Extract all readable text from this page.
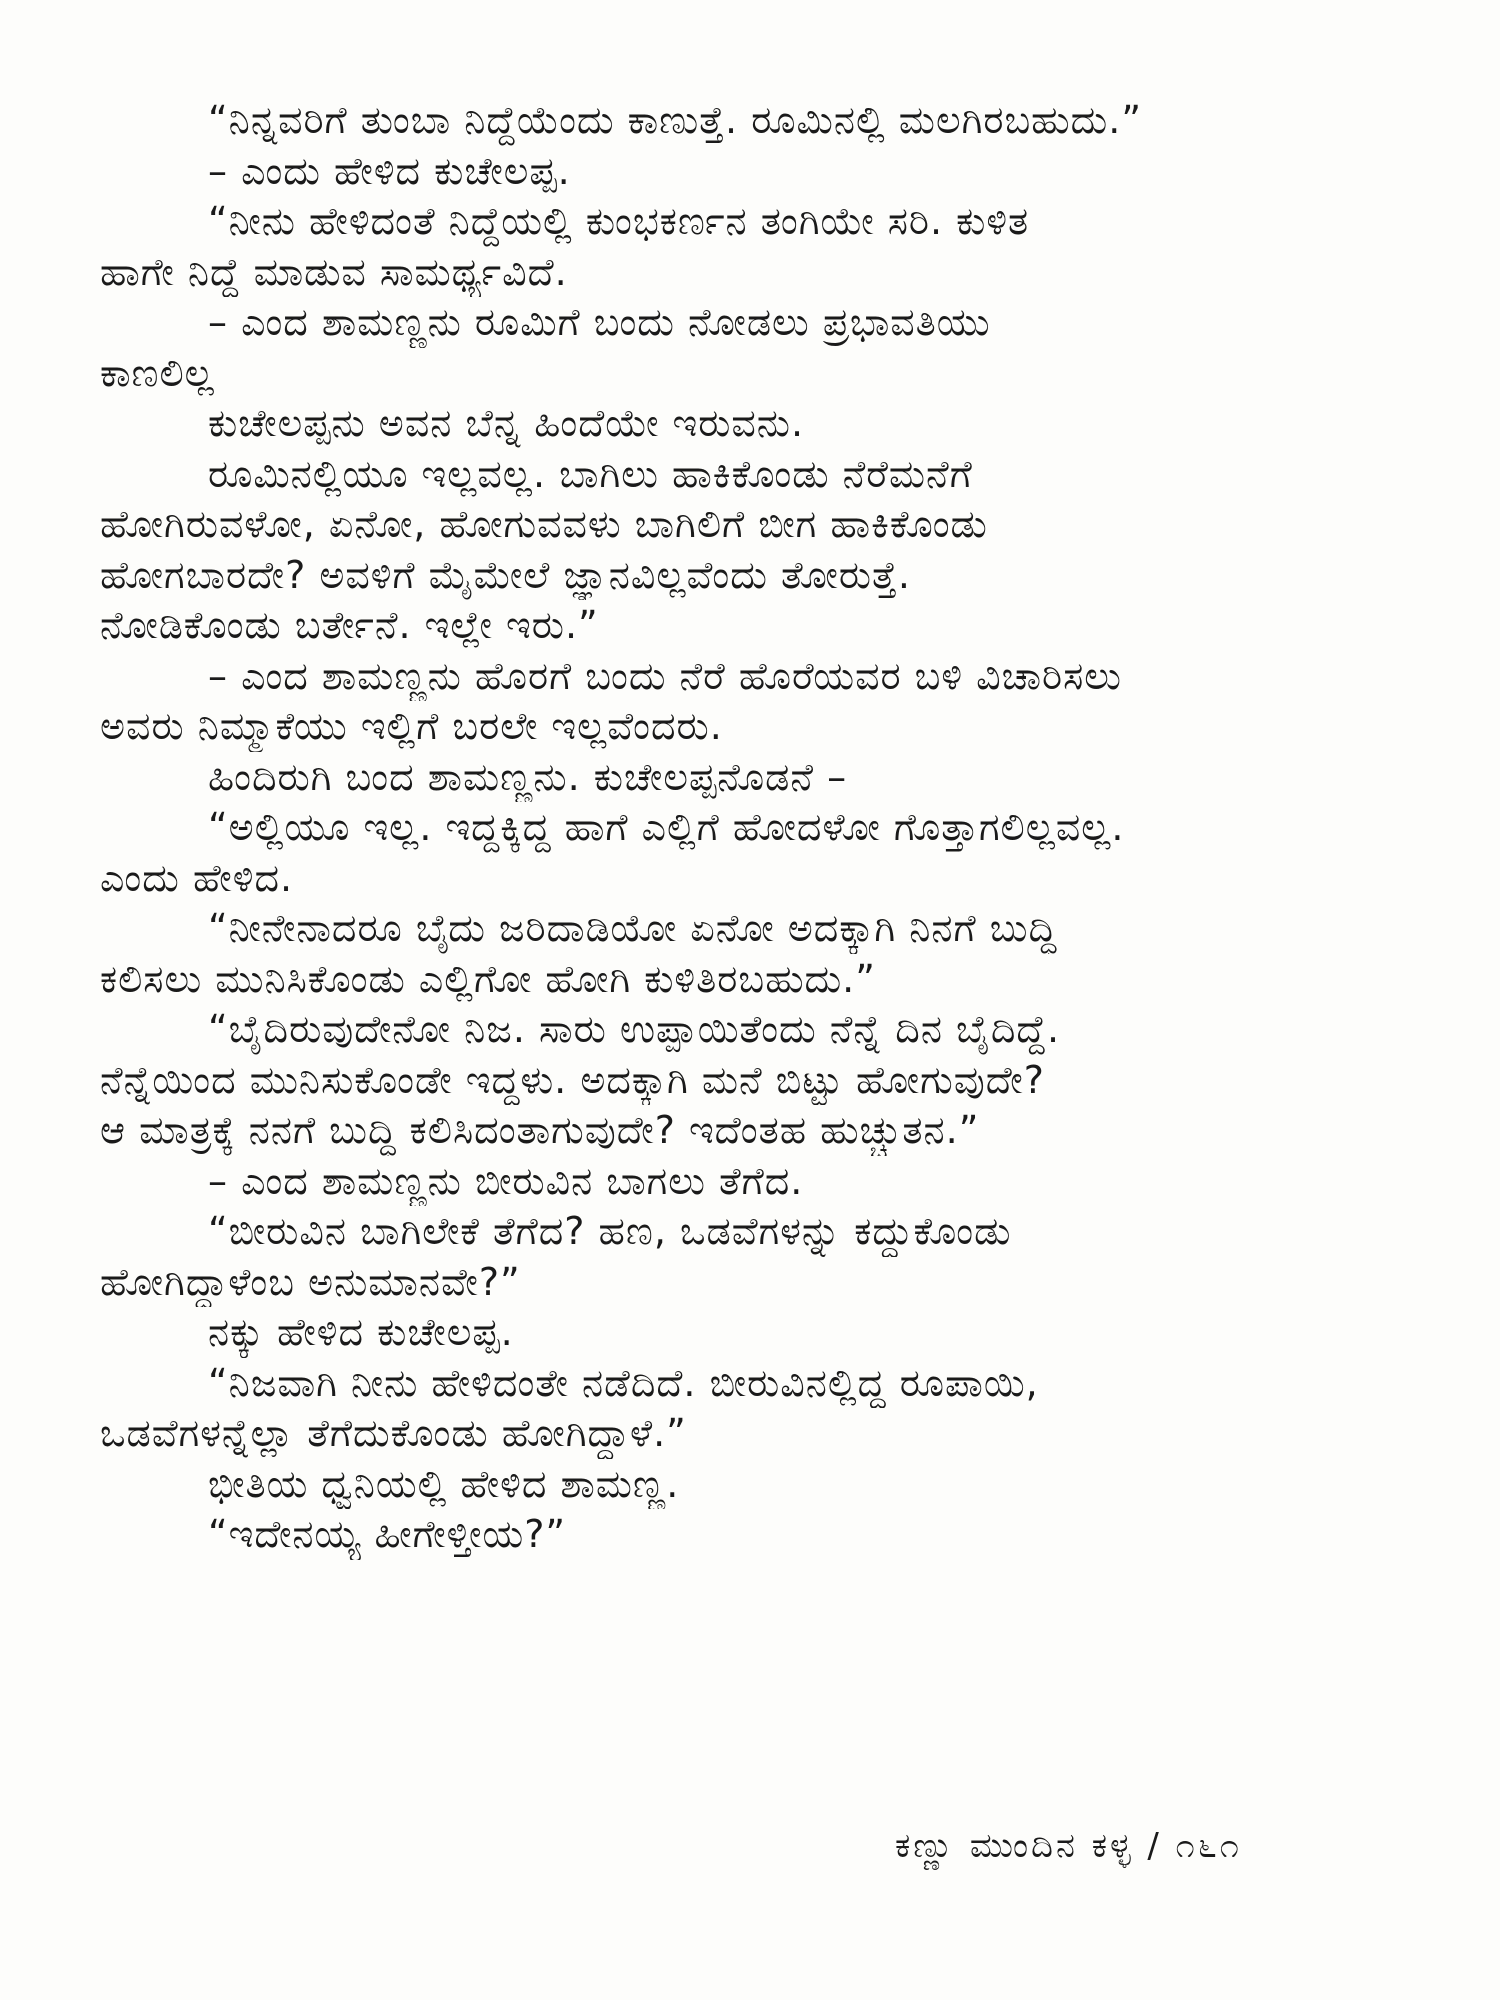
“ನಿನ್ನವರಿಗೆ ತುಂಬಾ ನಿದ್ದೆಯೆಂದು ಕಾಣುತ್ತೆ. ರೂಮಿನಲ್ಲಿ ಮಲಗಿರಬಹುದು.”
– ಎಂದು ಹೇಳಿದ ಕುಚೇಲಪ್ಪ.
“ನೀನು ಹೇಳಿದಂತೆ ನಿದ್ದೆಯಲ್ಲಿ ಕುಂಭಕರ್ಣನ ತಂಗಿಯೇ ಸರಿ. ಕುಳಿತ
ಹಾಗೇ ನಿದ್ದೆ ಮಾಡುವ ಸಾಮರ್ಥ್ಯವಿದೆ.
– ಎಂದ ಶಾಮಣ್ಣನು ರೂಮಿಗೆ ಬಂದು ನೋಡಲು ಪ್ರಭಾವತಿಯು
ಕಾಣಲಿಲ್ಲ
ಕುಚೇಲಪ್ಪನು ಅವನ ಬೆನ್ನ ಹಿಂದೆಯೇ ಇರುವನು.
ರೂಮಿನಲ್ಲಿಯೂ ಇಲ್ಲವಲ್ಲ. ಬಾಗಿಲು ಹಾಕಿಕೊಂಡು ನೆರೆಮನೆಗೆ
ಹೋಗಿರುವಳೋ, ಏನೋ, ಹೋಗುವವಳು ಬಾಗಿಲಿಗೆ ಬೀಗ ಹಾಕಿಕೊಂಡು
ಹೋಗಬಾರದೇ? ಅವಳಿಗೆ ಮೈಮೇಲೆ ಜ್ಞಾನವಿಲ್ಲವೆಂದು ತೋರುತ್ತೆ.
ನೋಡಿಕೊಂಡು ಬರ್ತೇನೆ. ಇಲ್ಲೇ ಇರು.”
– ಎಂದ ಶಾಮಣ್ಣನು ಹೊರಗೆ ಬಂದು ನೆರೆ ಹೊರೆಯವರ ಬಳಿ ವಿಚಾರಿಸಲು
ಅವರು ನಿಮ್ಮಾಕೆಯು ಇಲ್ಲಿಗೆ ಬರಲೇ ಇಲ್ಲವೆಂದರು.
ಹಿಂದಿರುಗಿ ಬಂದ ಶಾಮಣ್ಣನು. ಕುಚೇಲಪ್ಪನೊಡನೆ –
“ಅಲ್ಲಿಯೂ ಇಲ್ಲ. ಇದ್ದಕ್ಕಿದ್ದ ಹಾಗೆ ಎಲ್ಲಿಗೆ ಹೋದಳೋ ಗೊತ್ತಾಗಲಿಲ್ಲವಲ್ಲ.
ಎಂದು ಹೇಳಿದ.
“ನೀನೇನಾದರೂ ಬೈದು ಜರಿದಾಡಿಯೋ ಏನೋ ಅದಕ್ಕಾಗಿ ನಿನಗೆ ಬುದ್ಧಿ
ಕಲಿಸಲು ಮುನಿಸಿಕೊಂಡು ಎಲ್ಲಿಗೋ ಹೋಗಿ ಕುಳಿತಿರಬಹುದು.”
“ಬೈದಿರುವುದೇನೋ ನಿಜ. ಸಾರು ಉಪ್ಪಾಯಿತೆಂದು ನೆನ್ನೆ ದಿನ ಬೈದಿದ್ದೆ.
ನೆನ್ನೆಯಿಂದ ಮುನಿಸುಕೊಂಡೇ ಇದ್ದಳು. ಅದಕ್ಕಾಗಿ ಮನೆ ಬಿಟ್ಟು ಹೋಗುವುದೇ?
ಆ ಮಾತ್ರಕ್ಕೆ ನನಗೆ ಬುದ್ಧಿ ಕಲಿಸಿದಂತಾಗುವುದೇ? ಇದೆಂತಹ ಹುಚ್ಚುತನ.”
– ಎಂದ ಶಾಮಣ್ಣನು ಬೀರುವಿನ ಬಾಗಲು ತೆಗೆದ.
“ಬೀರುವಿನ ಬಾಗಿಲೇಕೆ ತೆಗೆದ? ಹಣ, ಒಡವೆಗಳನ್ನು ಕದ್ದುಕೊಂಡು
ಹೋಗಿದ್ದಾಳೆಂಬ ಅನುಮಾನವೇ?”
ನಕ್ಕು ಹೇಳಿದ ಕುಚೇಲಪ್ಪ.
“ನಿಜವಾಗಿ ನೀನು ಹೇಳಿದಂತೇ ನಡೆದಿದೆ. ಬೀರುವಿನಲ್ಲಿದ್ದ ರೂಪಾಯಿ,
ಒಡವೆಗಳನ್ನೆಲ್ಲಾ ತೆಗೆದುಕೊಂಡು ಹೋಗಿದ್ದಾಳೆ.”
ಭೀತಿಯ ಧ್ವನಿಯಲ್ಲಿ ಹೇಳಿದ ಶಾಮಣ್ಣ.
“ಇದೇನಯ್ಯ ಹೀಗೇಳ್ತೀಯ?”
ಕಣ್ಣು ಮುಂದಿನ ಕಳ್ಳ / ೧೬೧
